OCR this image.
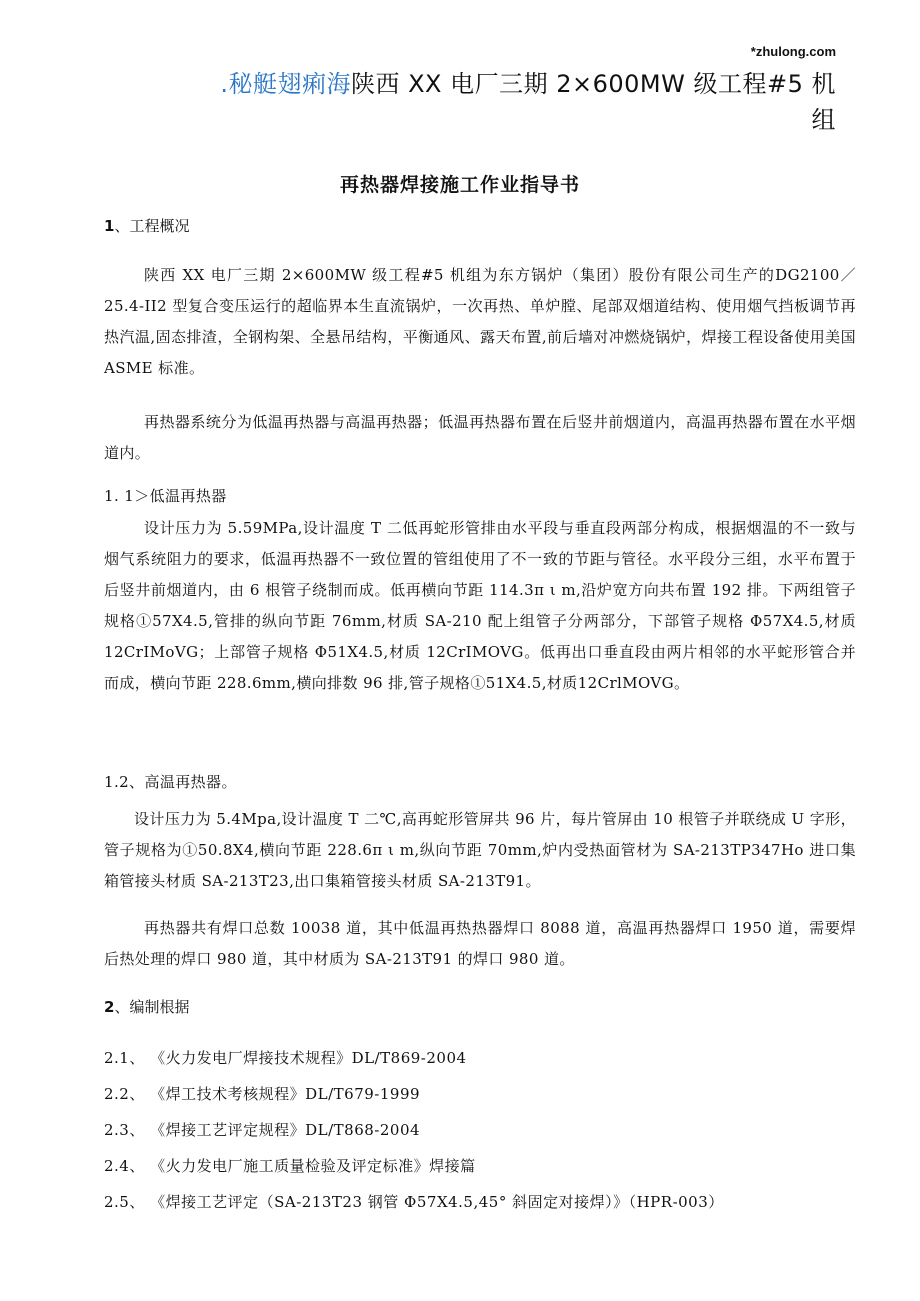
*zhulong.com
.秘艇翅痢海陕西 XX 电厂三期 2×600MW 级工程#5 机
组
再热器焊接施工作业指导书
1、工程概况
陕西 XX 电厂三期 2×600MW 级工程#5 机组为东方锅炉（集团）股份有限公司生产的DG2100／25.4-II2 型复合变压运行的超临界本生直流锅炉，一次再热、单炉膛、尾部双烟道结构、使用烟气挡板调节再热汽温,固态排渣，全钢构架、全悬吊结构，平衡通风、露天布置,前后墙对冲燃烧锅炉，焊接工程设备使用美国 ASME 标准。
再热器系统分为低温再热器与高温再热器；低温再热器布置在后竖井前烟道内，高温再热器布置在水平烟道内。
1. 1＞低温再热器
设计压力为 5.59MPa,设计温度 T 二低再蛇形管排由水平段与垂直段两部分构成，根据烟温的不一致与烟气系统阻力的要求，低温再热器不一致位置的管组使用了不一致的节距与管径。水平段分三组，水平布置于后竖井前烟道内，由 6 根管子绕制而成。低再横向节距 114.3π ι m,沿炉宽方向共布置 192 排。下两组管子规格①57X4.5,管排的纵向节距 76mm,材质 SA-210 配上组管子分两部分，下部管子规格 Φ57X4.5,材质 12CrIMoVG；上部管子规格 Φ51X4.5,材质 12CrIMOVG。低再出口垂直段由两片相邻的水平蛇形管合并而成，横向节距 228.6mm,横向排数 96 排,管子规格①51X4.5,材质12CrlMOVG。
1.2、高温再热器。
设计压力为 5.4Mpa,设计温度 T 二℃,高再蛇形管屏共 96 片，每片管屏由 10 根管子并联绕成 U 字形，管子规格为①50.8X4,横向节距 228.6π ι m,纵向节距 70mm,炉内受热面管材为 SA-213TP347Ho 进口集箱管接头材质 SA-213T23,出口集箱管接头材质 SA-213T91。
再热器共有焊口总数 10038 道，其中低温再热热器焊口 8088 道，高温再热器焊口 1950 道，需要焊后热处理的焊口 980 道，其中材质为 SA-213T91 的焊口 980 道。
2、编制根据
2.1、 《火力发电厂焊接技术规程》DL/T869-2004
2.2、 《焊工技术考核规程》DL/T679-1999
2.3、 《焊接工艺评定规程》DL/T868-2004
2.4、 《火力发电厂施工质量检验及评定标准》焊接篇
2.5、 《焊接工艺评定（SA-213T23 钢管 Φ57X4.5,45° 斜固定对接焊）》（HPR-003）
